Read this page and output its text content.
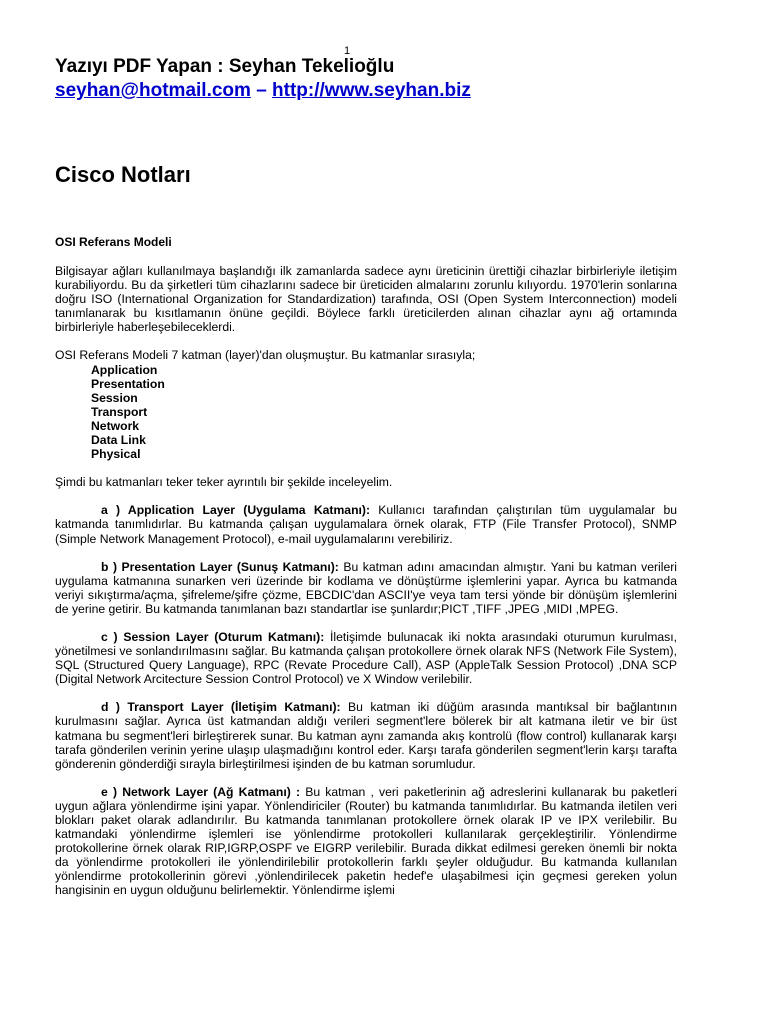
1
Yazıyı PDF Yapan : Seyhan Tekelioğlu
seyhan@hotmail.com – http://www.seyhan.biz
Cisco Notları
OSI Referans Modeli

Bilgisayar ağları kullanılmaya başlandığı ilk zamanlarda sadece aynı üreticinin ürettiği cihazlar birbirleriyle iletişim kurabiliyordu. Bu da şirketleri tüm cihazlarını sadece bir üreticiden almalarını zorunlu kılıyordu. 1970'lerin sonlarına doğru ISO (International Organization for Standardization) tarafında, OSI (Open System Interconnection) modeli tanımlanarak bu kısıtlamanın önüne geçildi. Böylece farklı üreticilerden alınan cihazlar aynı ağ ortamında birbirleriyle haberleşebileceklerdi.

OSI Referans Modeli 7 katman (layer)'dan oluşmuştur. Bu katmanlar sırasıyla;

Application
Presentation
Session
Transport
Network
Data Link
Physical

Şimdi bu katmanları teker teker ayrıntılı bir şekilde inceleyelim.

a ) Application Layer (Uygulama Katmanı): Kullanıcı tarafından çalıştırılan tüm uygulamalar bu katmanda tanımlıdırlar. Bu katmanda çalışan uygulamalara örnek olarak, FTP (File Transfer Protocol), SNMP (Simple Network Management Protocol), e-mail uygulamalarını verebiliriz.

b ) Presentation Layer (Sunuş Katmanı): Bu katman adını amacından almıştır. Yani bu katman verileri uygulama katmanına sunarken veri üzerinde bir kodlama ve dönüştürme işlemlerini yapar. Ayrıca bu katmanda veriyi sıkıştırma/açma, şifreleme/şifre çözme, EBCDIC'dan ASCII'ye veya tam tersi yönde bir dönüşüm işlemlerini de yerine getirir. Bu katmanda tanımlanan bazı standartlar ise şunlardır;PICT ,TIFF ,JPEG ,MIDI ,MPEG.

c ) Session Layer (Oturum Katmanı): İletişimde bulunacak iki nokta arasındaki oturumun kurulması, yönetilmesi ve sonlandırılmasını sağlar. Bu katmanda çalışan protokollere örnek olarak NFS (Network File System), SQL (Structured Query Language), RPC (Revate Procedure Call), ASP (AppleTalk Session Protocol) ,DNA SCP (Digital Network Arcitecture Session Control Protocol) ve X Window verilebilir.

d ) Transport Layer (İletişim Katmanı): Bu katman iki düğüm arasında mantıksal bir bağlantının kurulmasını sağlar. Ayrıca üst katmandan aldığı verileri segment'lere bölerek bir alt katmana iletir ve bir üst katmana bu segment'leri birleştirerek sunar. Bu katman aynı zamanda akış kontrolü (flow control) kullanarak karşı tarafa gönderilen verinin yerine ulaşıp ulaşmadığını kontrol eder. Karşı tarafa gönderilen segment'lerin karşı tarafta gönderenin gönderdiği sırayla birleştirilmesi işinden de bu katman sorumludur.

e ) Network Layer (Ağ Katmanı) : Bu katman , veri paketlerinin ağ adreslerini kullanarak bu paketleri uygun ağlara yönlendirme işini yapar. Yönlendiriciler (Router) bu katmanda tanımlıdırlar. Bu katmanda iletilen veri blokları paket olarak adlandırılır. Bu katmanda tanımlanan protokollere örnek olarak IP ve IPX verilebilir. Bu katmandaki yönlendirme işlemleri ise yönlendirme protokolleri kullanılarak gerçekleştirilir. Yönlendirme protokollerine örnek olarak RIP,IGRP,OSPF ve EIGRP verilebilir. Burada dikkat edilmesi gereken önemli bir nokta da yönlendirme protokolleri ile yönlendirilebilir protokollerin farklı şeyler olduğudur. Bu katmanda kullanılan yönlendirme protokollerinin görevi ,yönlendirilecek paketin hedef'e ulaşabilmesi için geçmesi gereken yolun hangisinin en uygun olduğunu belirlemektir. Yönlendirme işlemi
